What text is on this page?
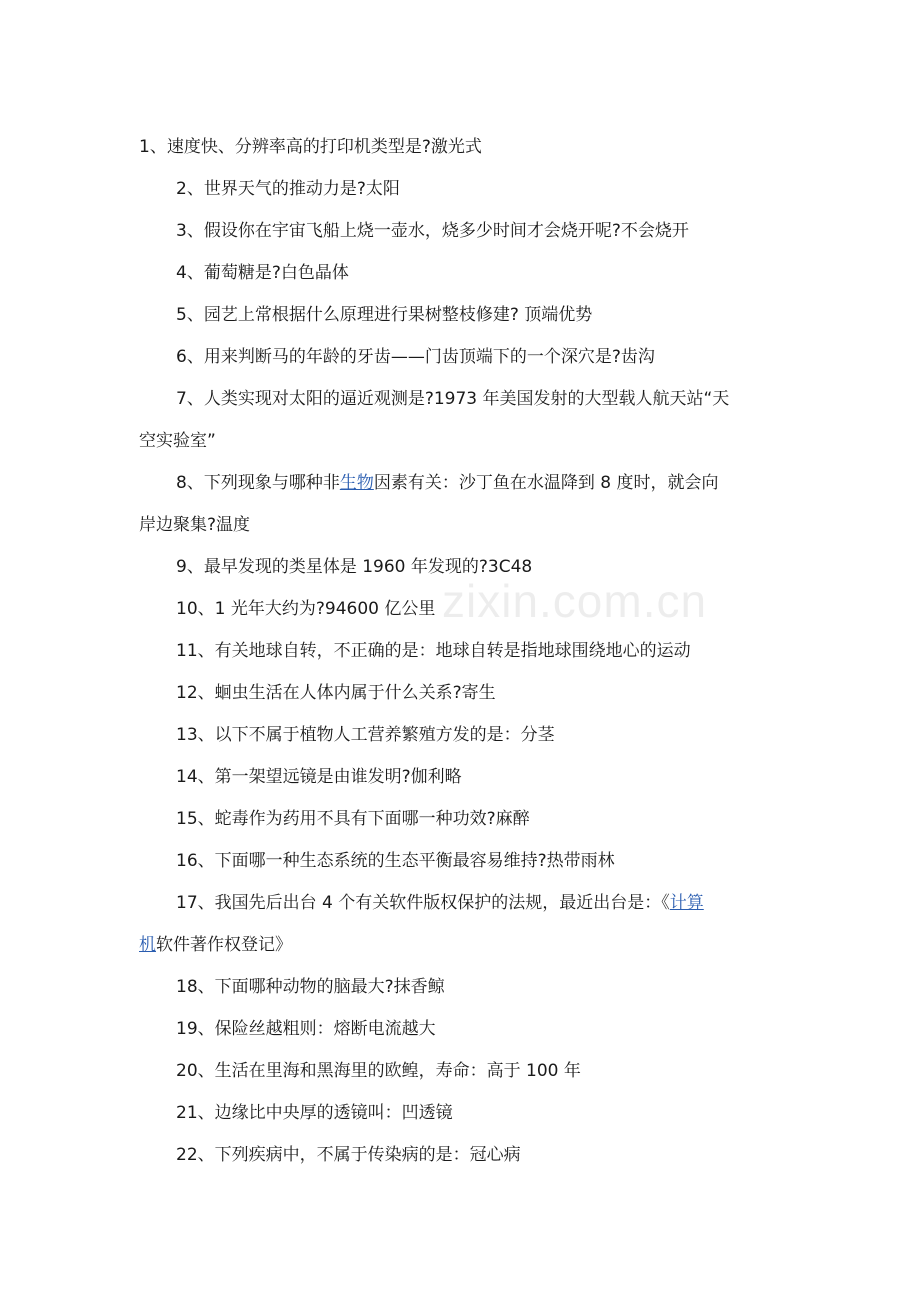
zixin.com.cn
1、速度快、分辨率高的打印机类型是?激光式
2、世界天气的推动力是?太阳
3、假设你在宇宙飞船上烧一壶水，烧多少时间才会烧开呢?不会烧开
4、葡萄糖是?白色晶体
5、园艺上常根据什么原理进行果树整枝修建? 顶端优势
6、用来判断马的年龄的牙齿——门齿顶端下的一个深穴是?齿沟
7、人类实现对太阳的逼近观测是?1973 年美国发射的大型载人航天站“天
空实验室”
8、下列现象与哪种非生物因素有关：沙丁鱼在水温降到 8 度时，就会向
岸边聚集?温度
9、最早发现的类星体是 1960 年发现的?3C48
10、1 光年大约为?94600 亿公里
11、有关地球自转，不正确的是：地球自转是指地球围绕地心的运动
12、蛔虫生活在人体内属于什么关系?寄生
13、以下不属于植物人工营养繁殖方发的是：分茎
14、第一架望远镜是由谁发明?伽利略
15、蛇毒作为药用不具有下面哪一种功效?麻醉
16、下面哪一种生态系统的生态平衡最容易维持?热带雨林
17、我国先后出台 4 个有关软件版权保护的法规，最近出台是：《计算
机软件著作权登记》
18、下面哪种动物的脑最大?抹香鲸
19、保险丝越粗则：熔断电流越大
20、生活在里海和黑海里的欧鳇，寿命：高于 100 年
21、边缘比中央厚的透镜叫：凹透镜
22、下列疾病中，不属于传染病的是：冠心病
